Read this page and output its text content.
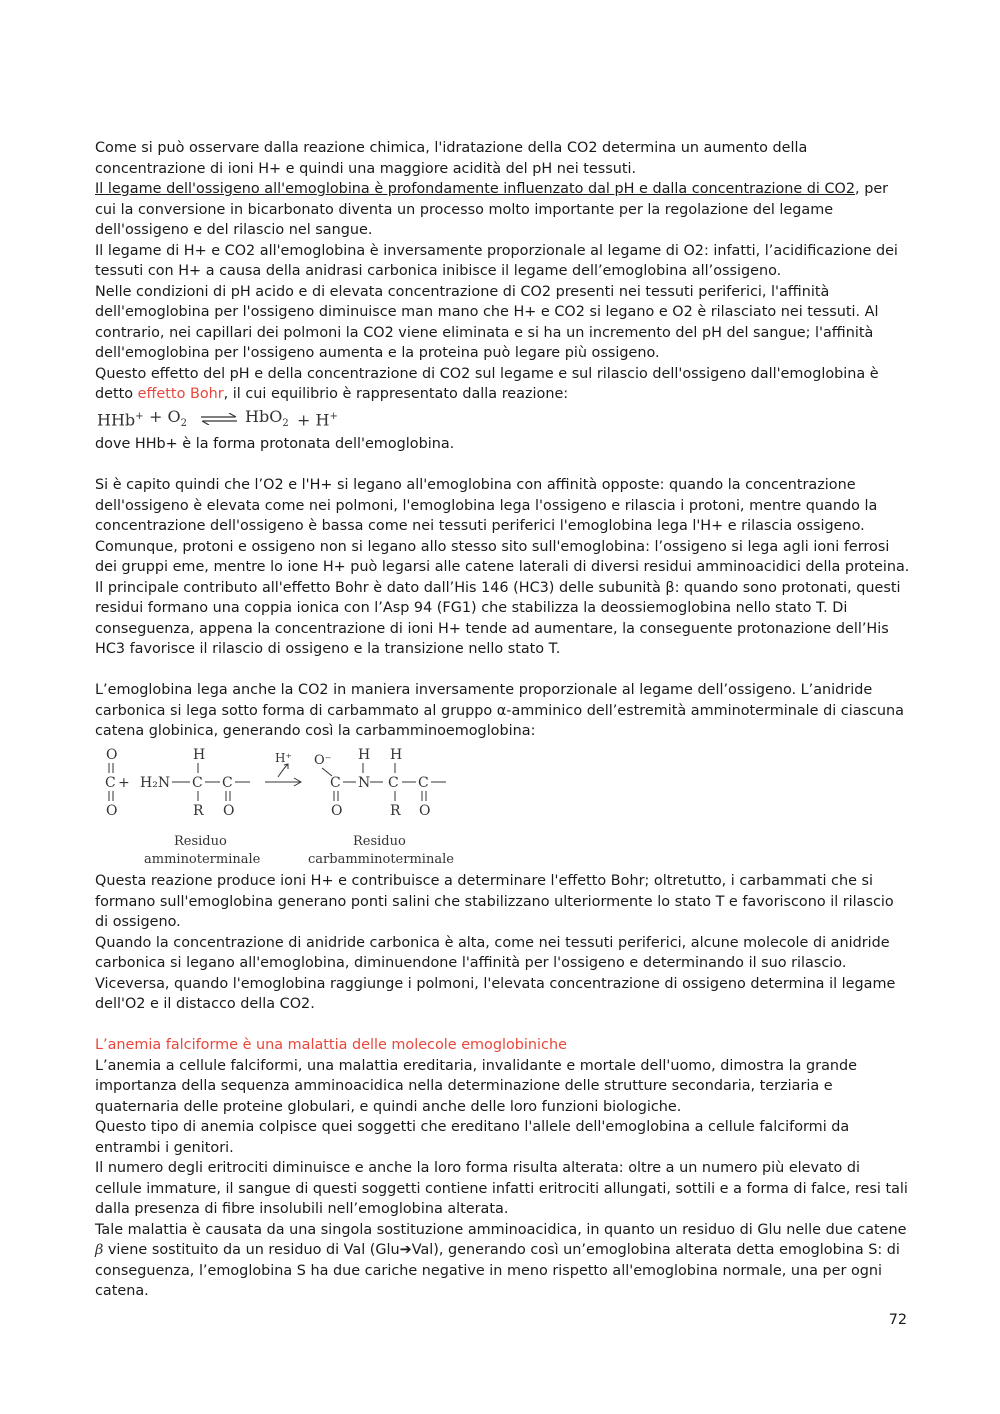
Come si può osservare dalla reazione chimica, l'idratazione della CO2 determina un aumento della concentrazione di ioni H+ e quindi una maggiore acidità del pH nei tessuti.

Il legame dell'ossigeno all'emoglobina è profondamente influenzato dal pH e dalla concentrazione di CO2, per cui la conversione in bicarbonato diventa un processo molto importante per la regolazione del legame dell'ossigeno e del rilascio nel sangue.

Il legame di H+ e CO2 all'emoglobina è inversamente proporzionale al legame di O2: infatti, l’acidificazione dei tessuti con H+ a causa della anidrasi carbonica inibisce il legame dell’emoglobina all’ossigeno.

Nelle condizioni di pH acido e di elevata concentrazione di CO2 presenti nei tessuti periferici, l'affinità dell'emoglobina per l'ossigeno diminuisce man mano che H+ e CO2 si legano e O2 è rilasciato nei tessuti. Al contrario, nei capillari dei polmoni la CO2 viene eliminata e si ha un incremento del pH del sangue; l'affinità dell'emoglobina per l'ossigeno aumenta e la proteina può legare più ossigeno.

Questo effetto del pH e della concentrazione di CO2 sul legame e sul rilascio dell'ossigeno dall'emoglobina è detto effetto Bohr, il cui equilibrio è rappresentato dalla reazione:

$HHb^+ + O_2$ ⇌ HbO$_2$ + H+

dove HHb+ è la forma protonata dell'emoglobina.

Si è capito quindi che l’O2 e l'H+ si legano all'emoglobina con affinità opposte: quando la concentrazione dell'ossigeno è elevata come nei polmoni, l'emoglobina lega l'ossigeno e rilascia i protoni, mentre quando la concentrazione dell'ossigeno è bassa come nei tessuti periferici l'emoglobina lega l'H+ e rilascia ossigeno. Comunque, protoni e ossigeno non si legano allo stesso sito sull'emoglobina: l’ossigeno si lega agli ioni ferrosi dei gruppi eme, mentre lo ione H+ può legarsi alle catene laterali di diversi residui amminoacidici della proteina. Il principale contributo all'effetto Bohr è dato dall’His 146 (HC3) delle subunità β: quando sono protonati, questi residui formano una coppia ionica con l’Asp 94 (FG1) che stabilizza la deossiemoglobina nello stato T. Di conseguenza, appena la concentrazione di ioni H+ tende ad aumentare, la conseguente protonazione dell’His HC3 favorisce il rilascio di ossigeno e la transizione nello stato T.

L’emoglobina lega anche la CO2 in maniera inversamente proporzionale al legame dell’ossigeno. L’anidride carbonica si lega sotto forma di carbammato al gruppo α-amminico dell’estremità amminoterminale di ciascuna catena globinica, generando così la carbamminoemoglobina:

O
C +
O
H₂N
H
C
R
C
O
H⁺ O⁻
C
O
H
N
H
C
R
C
O
Residuo
amminoterminale
Residuo
carbamminoterminale

Questa reazione produce ioni H+ e contribuisce a determinare l'effetto Bohr; oltretutto, i carbammati che si formano sull'emoglobina generano ponti salini che stabilizzano ulteriormente lo stato T e favoriscono il rilascio di ossigeno.

Quando la concentrazione di anidride carbonica è alta, come nei tessuti periferici, alcune molecole di anidride carbonica si legano all'emoglobina, diminuendone l'affinità per l'ossigeno e determinando il suo rilascio. Viceversa, quando l'emoglobina raggiunge i polmoni, l'elevata concentrazione di ossigeno determina il legame dell'O2 e il distacco della CO2.

L’anemia falciforme è una malattia delle molecole emoglobiniche

L’anemia a cellule falciformi, una malattia ereditaria, invalidante e mortale dell'uomo, dimostra la grande importanza della sequenza amminoacidica nella determinazione delle strutture secondaria, terziaria e quaternaria delle proteine globulari, e quindi anche delle loro funzioni biologiche.

Questo tipo di anemia colpisce quei soggetti che ereditano l'allele dell'emoglobina a cellule falciformi da entrambi i genitori.

Il numero degli eritrociti diminuisce e anche la loro forma risulta alterata: oltre a un numero più elevato di cellule immature, il sangue di questi soggetti contiene infatti eritrociti allungati, sottili e a forma di falce, resi tali dalla presenza di fibre insolubili nell’emoglobina alterata.

Tale malattia è causata da una singola sostituzione amminoacidica, in quanto un residuo di Glu nelle due catene β viene sostituito da un residuo di Val (Glu➔Val), generando così un’emoglobina alterata detta emoglobina S: di conseguenza, l’emoglobina S ha due cariche negative in meno rispetto all'emoglobina normale, una per ogni catena.

72
